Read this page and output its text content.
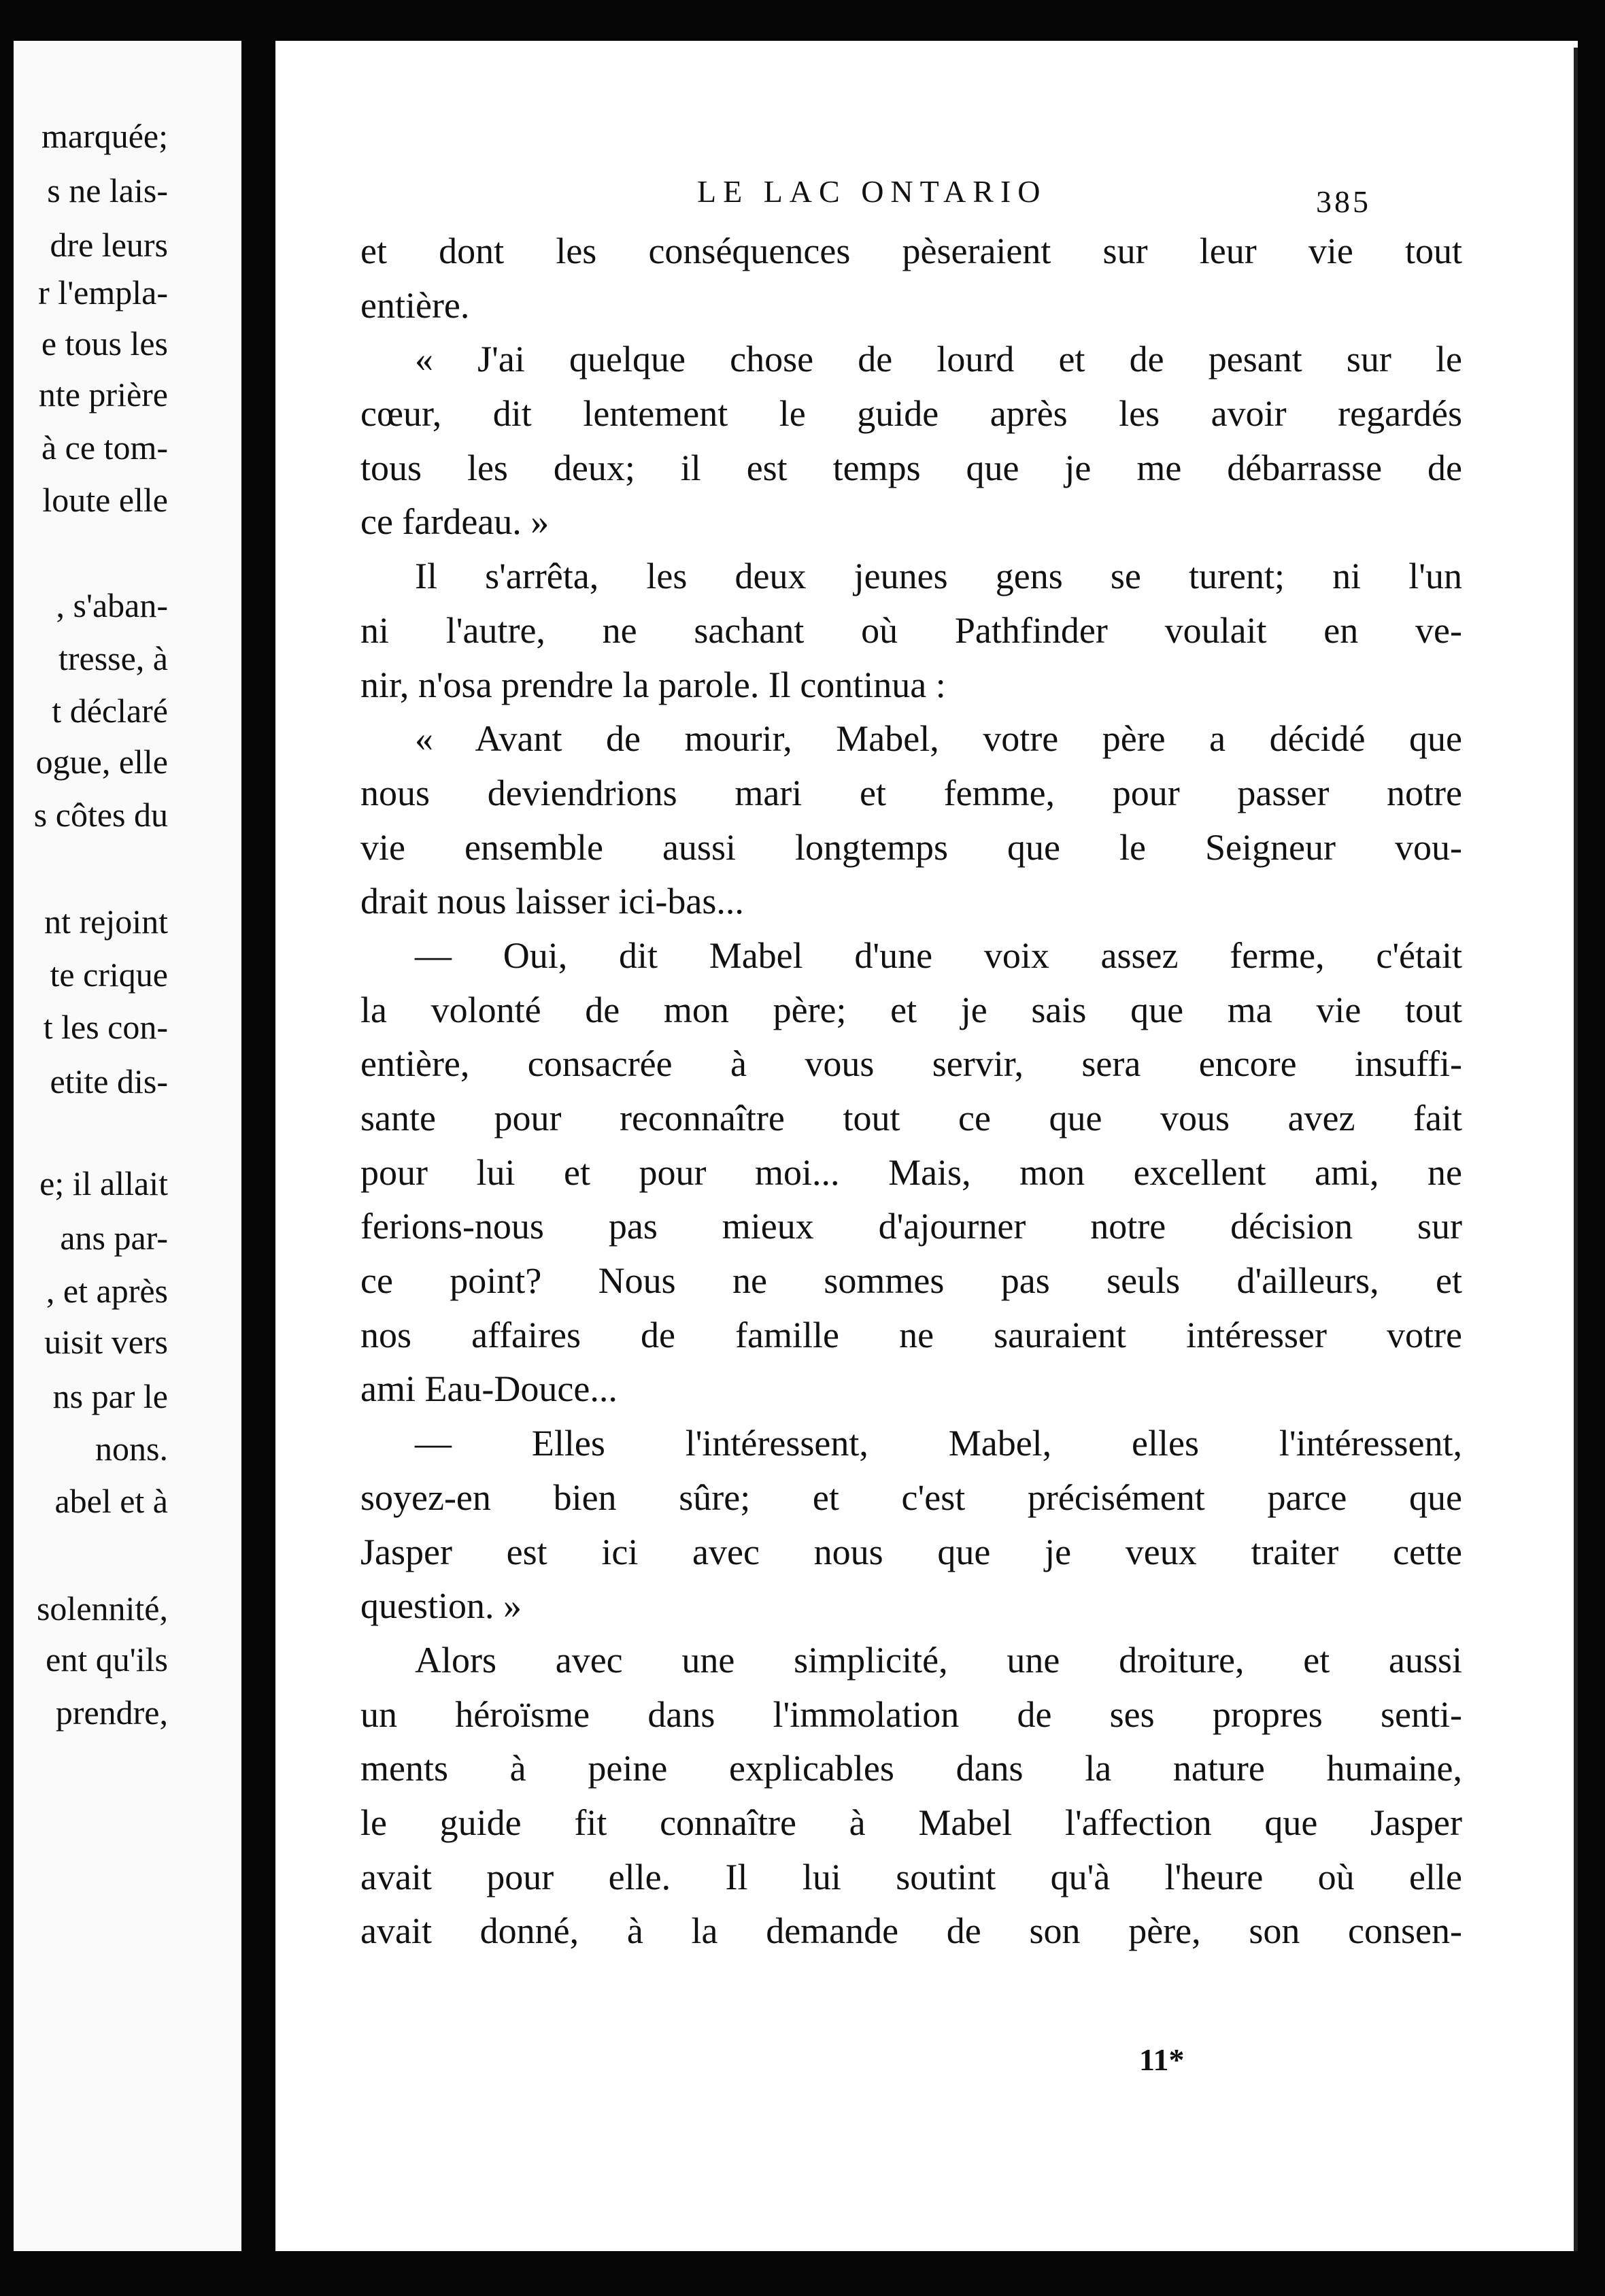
marquée;
s ne lais-
dre leurs
r l'empla-
e tous les
nte prière
à ce tom-
loute elle
, s'aban-
tresse, à
t déclaré
ogue, elle
s côtes du
nt rejoint
te crique
t les con-
etite dis-
e; il allait
ans par-
, et après
uisit vers
ns par le
nons.
abel et à
solennité,
ent qu'ils
prendre,
LE LAC ONTARIO	385
et dont les conséquences pèseraient sur leur vie tout
entière.
« J'ai quelque chose de lourd et de pesant sur le
cœur, dit lentement le guide après les avoir regardés
tous les deux; il est temps que je me débarrasse de
ce fardeau. »
Il s'arrêta, les deux jeunes gens se turent; ni l'un
ni l'autre, ne sachant où Pathfinder voulait en ve-
nir, n'osa prendre la parole. Il continua :
« Avant de mourir, Mabel, votre père a décidé que
nous deviendrions mari et femme, pour passer notre
vie ensemble aussi longtemps que le Seigneur vou-
drait nous laisser ici-bas...
— Oui, dit Mabel d'une voix assez ferme, c'était
la volonté de mon père; et je sais que ma vie tout
entière, consacrée à vous servir, sera encore insuffi-
sante pour reconnaître tout ce que vous avez fait
pour lui et pour moi... Mais, mon excellent ami, ne
ferions-nous pas mieux d'ajourner notre décision sur
ce point? Nous ne sommes pas seuls d'ailleurs, et
nos affaires de famille ne sauraient intéresser votre
ami Eau-Douce...
— Elles l'intéressent, Mabel, elles l'intéressent,
soyez-en bien sûre; et c'est précisément parce que
Jasper est ici avec nous que je veux traiter cette
question. »
Alors avec une simplicité, une droiture, et aussi
un héroïsme dans l'immolation de ses propres senti-
ments à peine explicables dans la nature humaine,
le guide fit connaître à Mabel l'affection que Jasper
avait pour elle. Il lui soutint qu'à l'heure où elle
avait donné, à la demande de son père, son consen-
11*
